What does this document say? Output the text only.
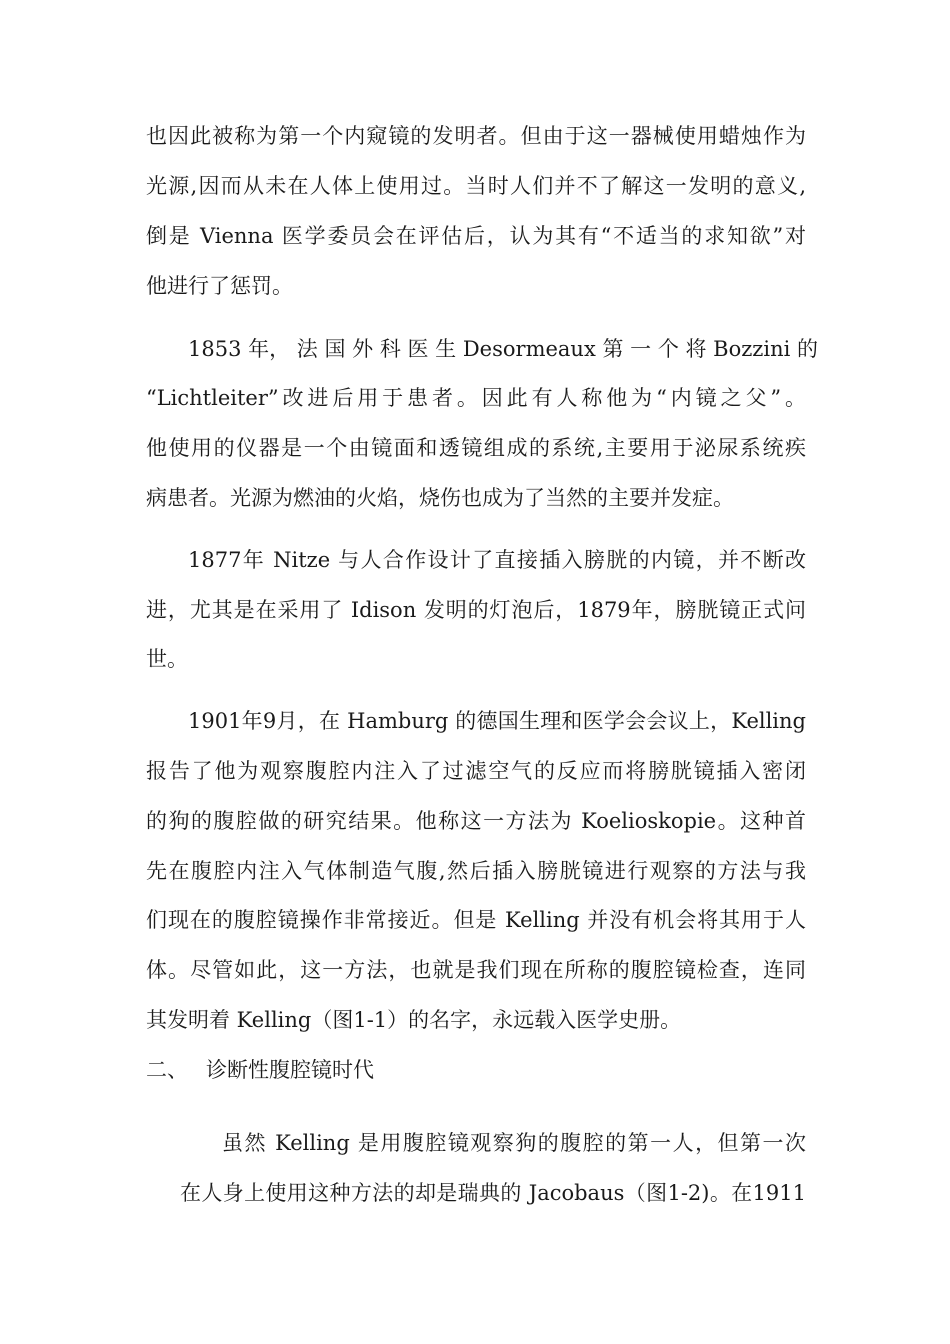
也因此被称为第一个内窥镜的发明者。但由于这一器械使用蜡烛作为
光源,因而从未在人体上使用过。当时人们并不了解这一发明的意义,
倒是 Vienna 医学委员会在评估后，认为其有“不适当的求知欲”对
他进行了惩罚。
1853 年， 法 国 外 科 医 生 Desormeaux 第 一 个 将 Bozzini 的
“Lichtleiter”改进后用于患者。因此有人称他为“内镜之父”。
他使用的仪器是一个由镜面和透镜组成的系统,主要用于泌尿系统疾
病患者。光源为燃油的火焰，烧伤也成为了当然的主要并发症。
1877年 Nitze 与人合作设计了直接插入膀胱的内镜，并不断改
进，尤其是在采用了 Idison 发明的灯泡后，1879年，膀胱镜正式问
世。
1901年9月，在 Hamburg 的德国生理和医学会会议上，Kelling
报告了他为观察腹腔内注入了过滤空气的反应而将膀胱镜插入密闭
的狗的腹腔做的研究结果。他称这一方法为 Koelioskopie。这种首
先在腹腔内注入气体制造气腹,然后插入膀胱镜进行观察的方法与我
们现在的腹腔镜操作非常接近。但是 Kelling 并没有机会将其用于人
体。尽管如此，这一方法，也就是我们现在所称的腹腔镜检查，连同
其发明着 Kelling（图1-1）的名字，永远载入医学史册。
二、 诊断性腹腔镜时代
虽然 Kelling 是用腹腔镜观察狗的腹腔的第一人，但第一次
在人身上使用这种方法的却是瑞典的 Jacobaus（图1-2)。在1911
